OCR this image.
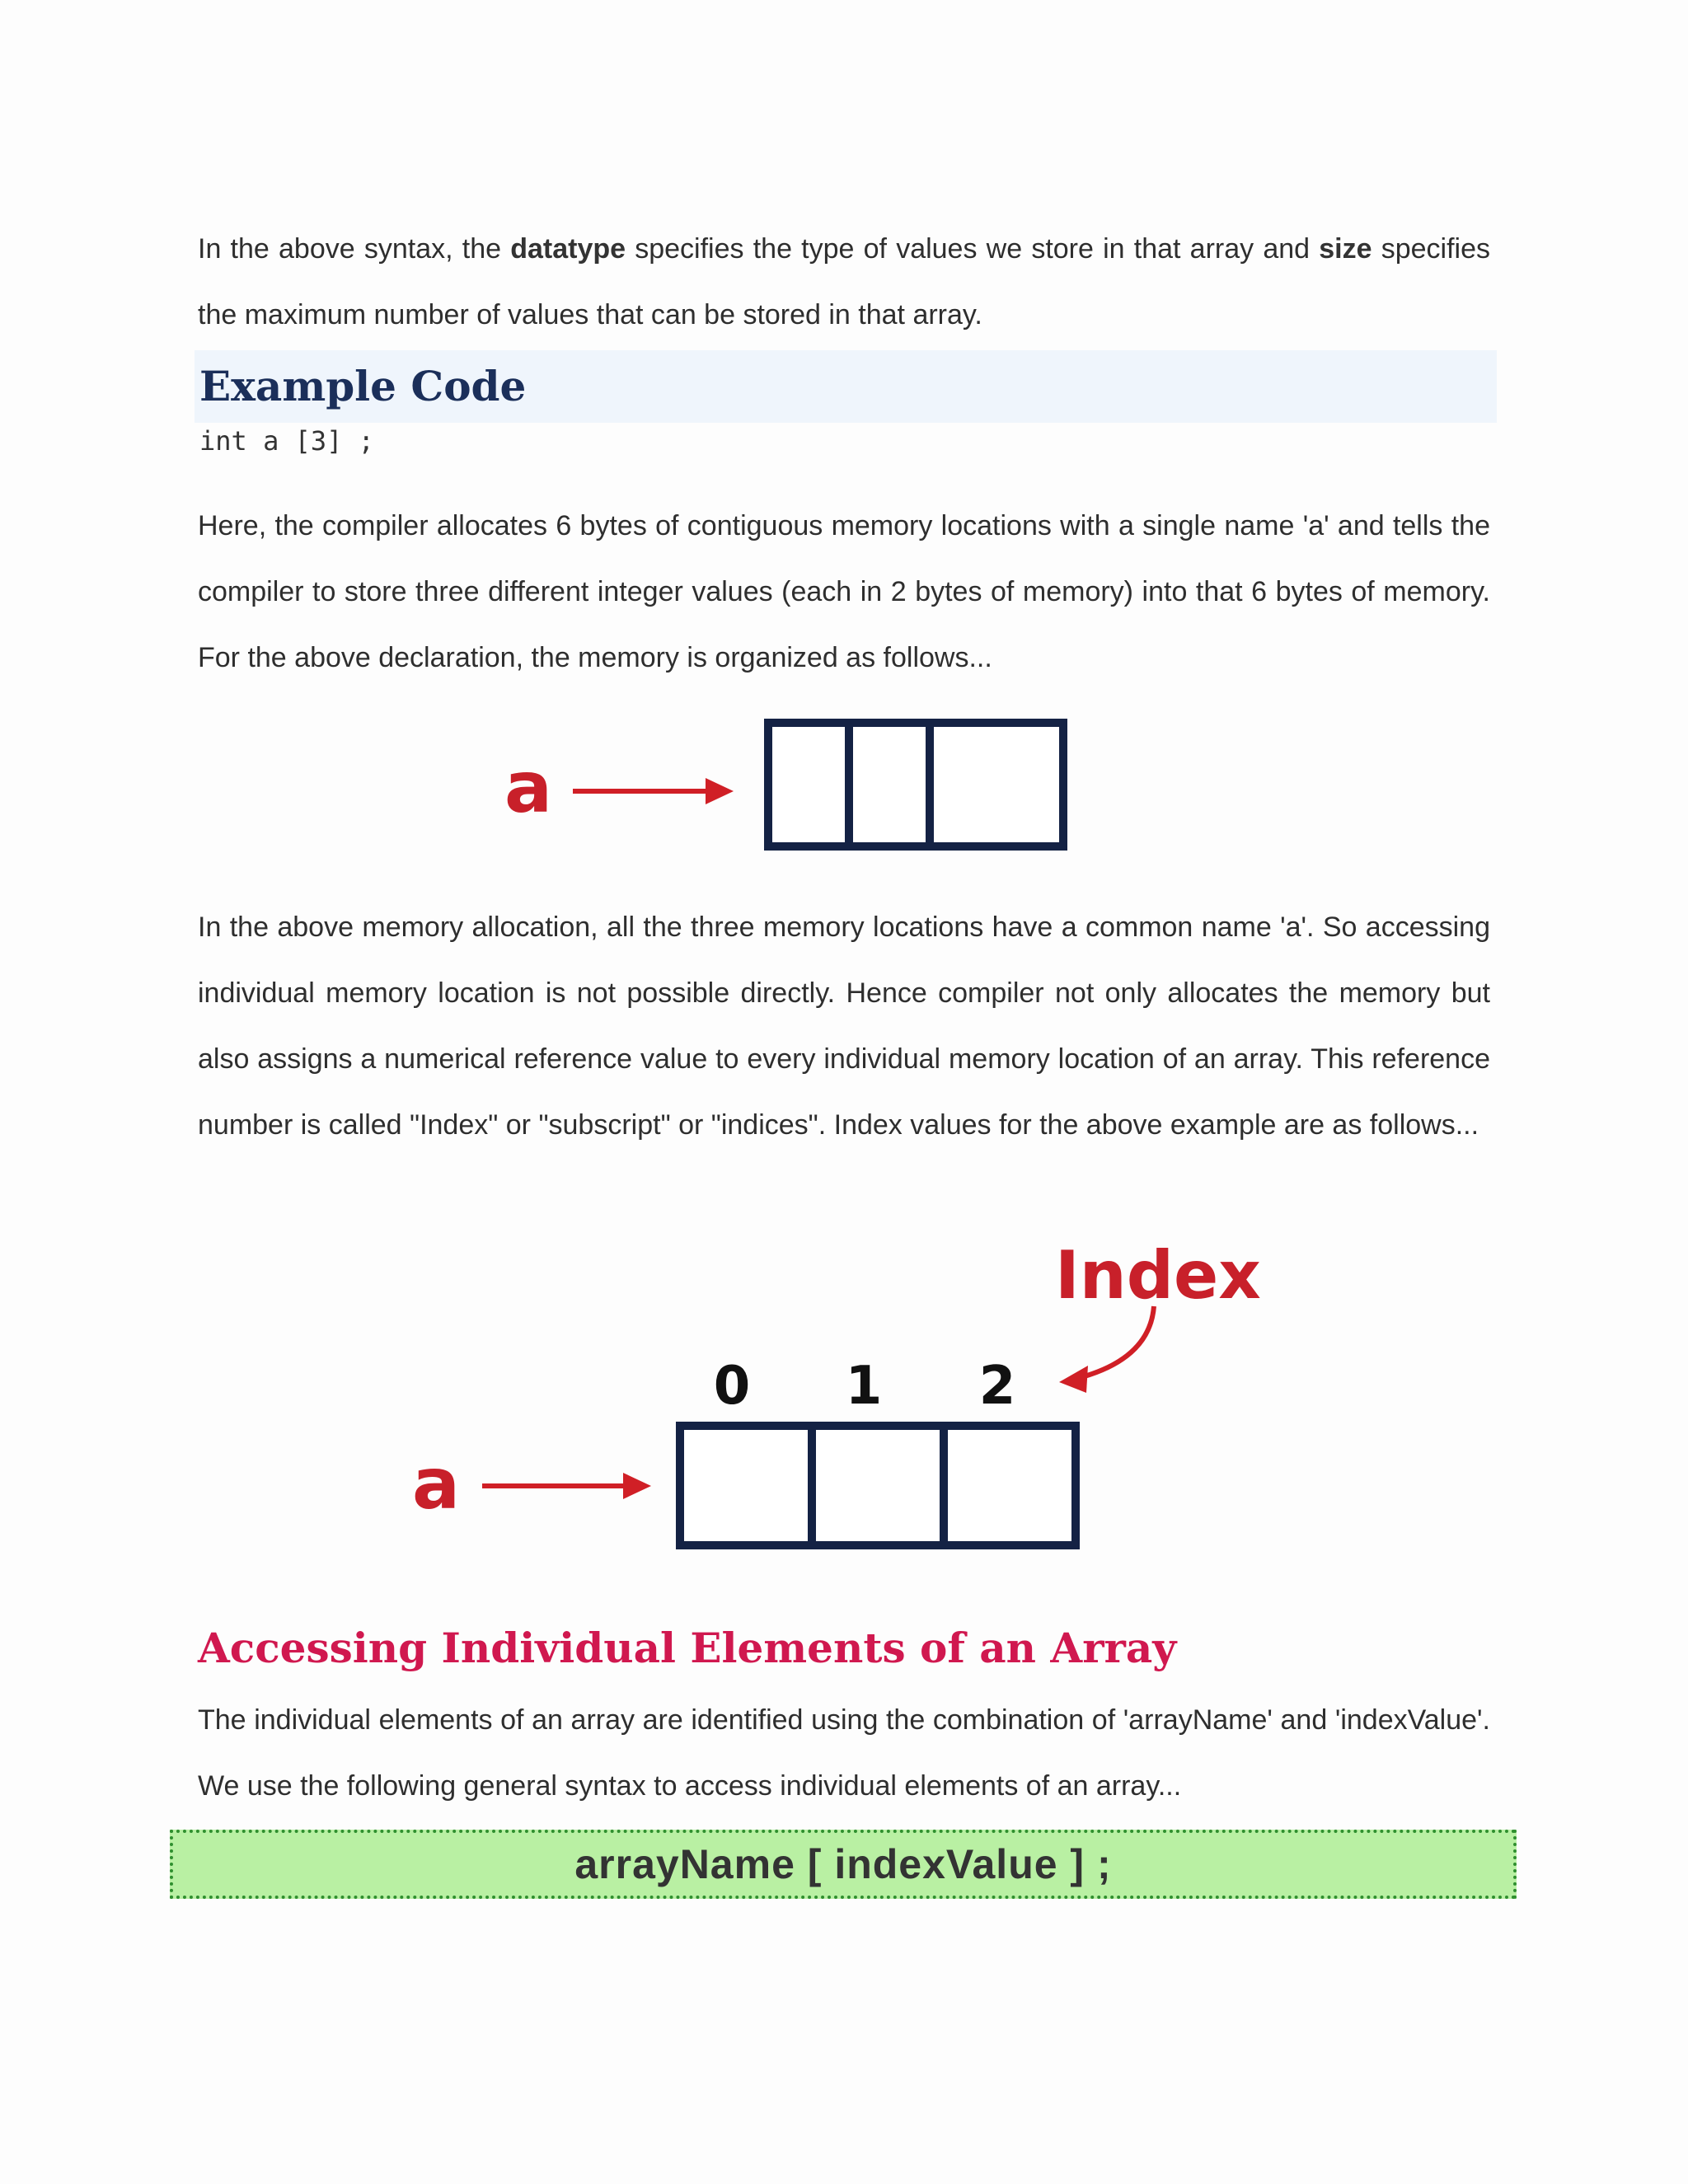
In the above syntax, the datatype specifies the type of values we store in that array and size specifies the maximum number of values that can be stored in that array.

Example Code
int a [3] ;

Here, the compiler allocates 6 bytes of contiguous memory locations with a single name 'a' and tells the compiler to store three different integer values (each in 2 bytes of memory) into that 6 bytes of memory. For the above declaration, the memory is organized as follows...

a

In the above memory allocation, all the three memory locations have a common name 'a'. So accessing individual memory location is not possible directly. Hence compiler not only allocates the memory but also assigns a numerical reference value to every individual memory location of an array. This reference number is called "Index" or "subscript" or "indices". Index values for the above example are as follows...

Index
0 1 2
a
Accessing Individual Elements of an Array

The individual elements of an array are identified using the combination of 'arrayName' and 'indexValue'. We use the following general syntax to access individual elements of an array...

arrayName [ indexValue ] ;
